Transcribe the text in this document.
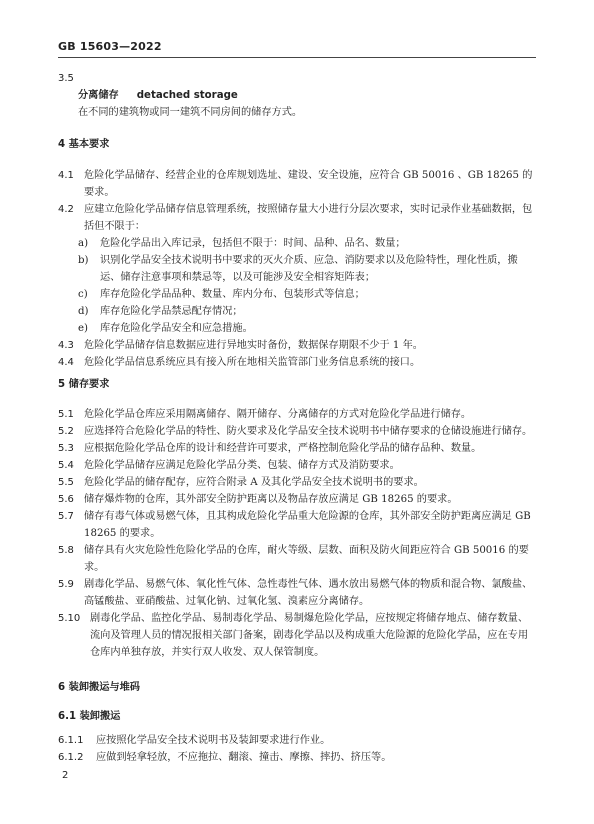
GB 15603—2022
3.5
分离储存 detached storage
在不同的建筑物或同一建筑不同房间的储存方式。
4 基本要求
4.1 危险化学品储存、经营企业的仓库规划选址、建设、安全设施，应符合 GB 50016 、GB 18265 的要求。
4.2 应建立危险化学品储存信息管理系统，按照储存量大小进行分层次要求，实时记录作业基础数据，包括但不限于：
a)	危险化学品出入库记录，包括但不限于：时间、品种、品名、数量；
b)	识别化学品安全技术说明书中要求的灭火介质、应急、消防要求以及危险特性，理化性质，搬运、储存注意事项和禁忌等，以及可能涉及安全相容矩阵表；
c)	库存危险化学品品种、数量、库内分布、包装形式等信息；
d)	库存危险化学品禁忌配存情况；
e)	库存危险化学品安全和应急措施。
4.3 危险化学品储存信息数据应进行异地实时备份，数据保存期限不少于 1 年。
4.4 危险化学品信息系统应具有接入所在地相关监管部门业务信息系统的接口。
5 储存要求
5.1 危险化学品仓库应采用隔离储存、隔开储存、分离储存的方式对危险化学品进行储存。
5.2 应选择符合危险化学品的特性、防火要求及化学品安全技术说明书中储存要求的仓储设施进行储存。
5.3 应根据危险化学品仓库的设计和经营许可要求，严格控制危险化学品的储存品种、数量。
5.4 危险化学品储存应满足危险化学品分类、包装、储存方式及消防要求。
5.5 危险化学品的储存配存，应符合附录 A 及其化学品安全技术说明书的要求。
5.6 储存爆炸物的仓库，其外部安全防护距离以及物品存放应满足 GB 18265 的要求。
5.7 储存有毒气体或易燃气体，且其构成危险化学品重大危险源的仓库，其外部安全防护距离应满足 GB 18265 的要求。
5.8 储存具有火灾危险性危险化学品的仓库，耐火等级、层数、面积及防火间距应符合 GB 50016 的要求。
5.9 剧毒化学品、易燃气体、氧化性气体、急性毒性气体、遇水放出易燃气体的物质和混合物、氯酸盐、高锰酸盐、亚硝酸盐、过氧化钠、过氧化氢、溴素应分离储存。
5.10 剧毒化学品、监控化学品、易制毒化学品、易制爆危险化学品，应按规定将储存地点、储存数量、流向及管理人员的情况报相关部门备案，剧毒化学品以及构成重大危险源的危险化学品，应在专用仓库内单独存放，并实行双人收发、双人保管制度。
6 装卸搬运与堆码
6.1 装卸搬运
6.1.1	应按照化学品安全技术说明书及装卸要求进行作业。
6.1.2	应做到轻拿轻放，不应拖拉、翻滚、撞击、摩擦、摔扔、挤压等。
2
